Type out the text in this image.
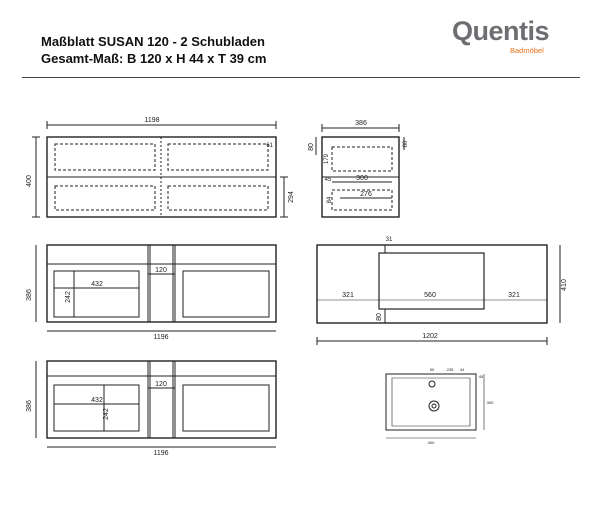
Maßblatt SUSAN 120 - 2 Schubladen
Gesamt-Maß: B 120 x H 44 x T 39 cm
Quentis
Badmöbel
1198
400
61
294
386
80
179
60
300
45
276
84
386
120
432
242
1196
386
120
432
242
1196
31
321	560	321
80
410
1202
50	235 44
45
300
400
